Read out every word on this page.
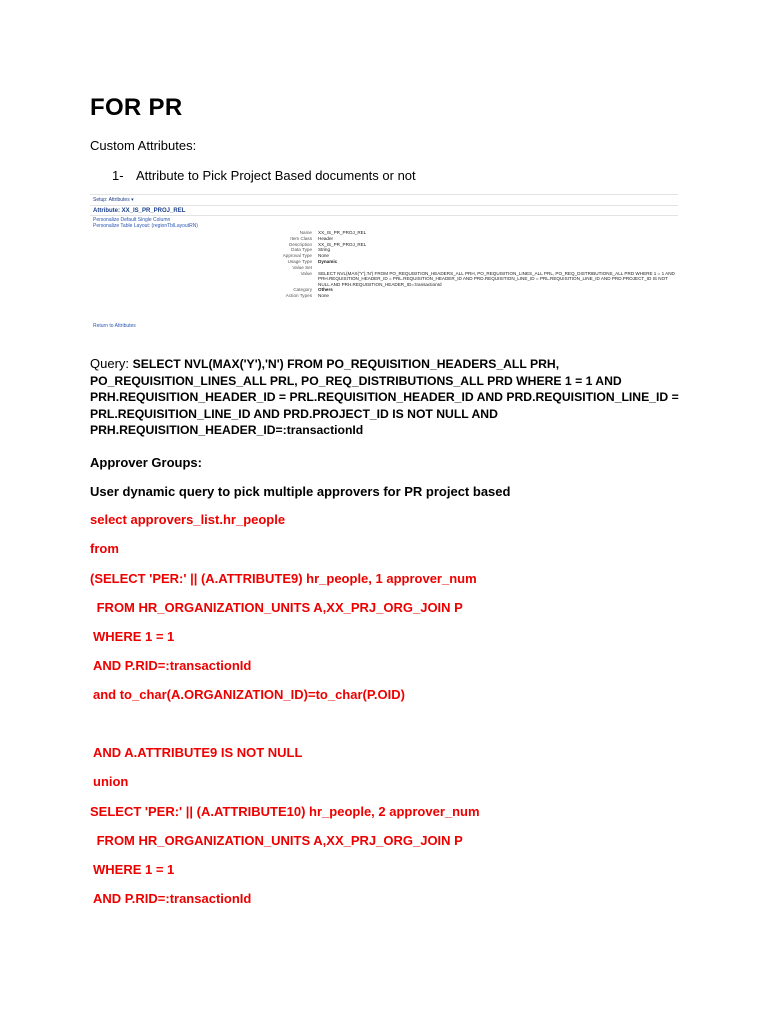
FOR PR
Custom Attributes:
1- Attribute to Pick Project Based documents or not
Setup: Attributes ▾
Attribute: XX_IS_PR_PROJ_REL
Personalize Default Single Column
Personalize Table Layout: (regionTblLayoutRN)
Name	XX_IS_PR_PROJ_REL
Item Class	Header
Description	XX_IS_PR_PROJ_REL
Data Type	String
Approval Type	None
Usage Type	Dynamic
Value Set
Value	SELECT NVL(MAX('Y'),'N') FROM PO_REQUISITION_HEADERS_ALL PRH, PO_REQUISITION_LINES_ALL PRL, PO_REQ_DISTRIBUTIONS_ALL PRD WHERE 1 = 1 AND PRH.REQUISITION_HEADER_ID = PRL.REQUISITION_HEADER_ID AND PRD.REQUISITION_LINE_ID = PRL.REQUISITION_LINE_ID AND PRD.PROJECT_ID IS NOT NULL AND PRH.REQUISITION_HEADER_ID=:transactionId
Category	Others
Action Types	None
Return to Attributes
Query: SELECT NVL(MAX('Y'),'N') FROM PO_REQUISITION_HEADERS_ALL PRH, PO_REQUISITION_LINES_ALL PRL, PO_REQ_DISTRIBUTIONS_ALL PRD WHERE 1 = 1 AND PRH.REQUISITION_HEADER_ID = PRL.REQUISITION_HEADER_ID AND PRD.REQUISITION_LINE_ID = PRL.REQUISITION_LINE_ID AND PRD.PROJECT_ID IS NOT NULL AND PRH.REQUISITION_HEADER_ID=:transactionId
Approver Groups:
User dynamic query to pick multiple approvers for PR project based
select approvers_list.hr_people
from
(SELECT 'PER:' || (A.ATTRIBUTE9) hr_people, 1 approver_num
FROM HR_ORGANIZATION_UNITS A,XX_PRJ_ORG_JOIN P
WHERE 1 = 1
AND P.RID=:transactionId
and to_char(A.ORGANIZATION_ID)=to_char(P.OID)
AND A.ATTRIBUTE9 IS NOT NULL
union
SELECT 'PER:' || (A.ATTRIBUTE10) hr_people, 2 approver_num
FROM HR_ORGANIZATION_UNITS A,XX_PRJ_ORG_JOIN P
WHERE 1 = 1
AND P.RID=:transactionId
